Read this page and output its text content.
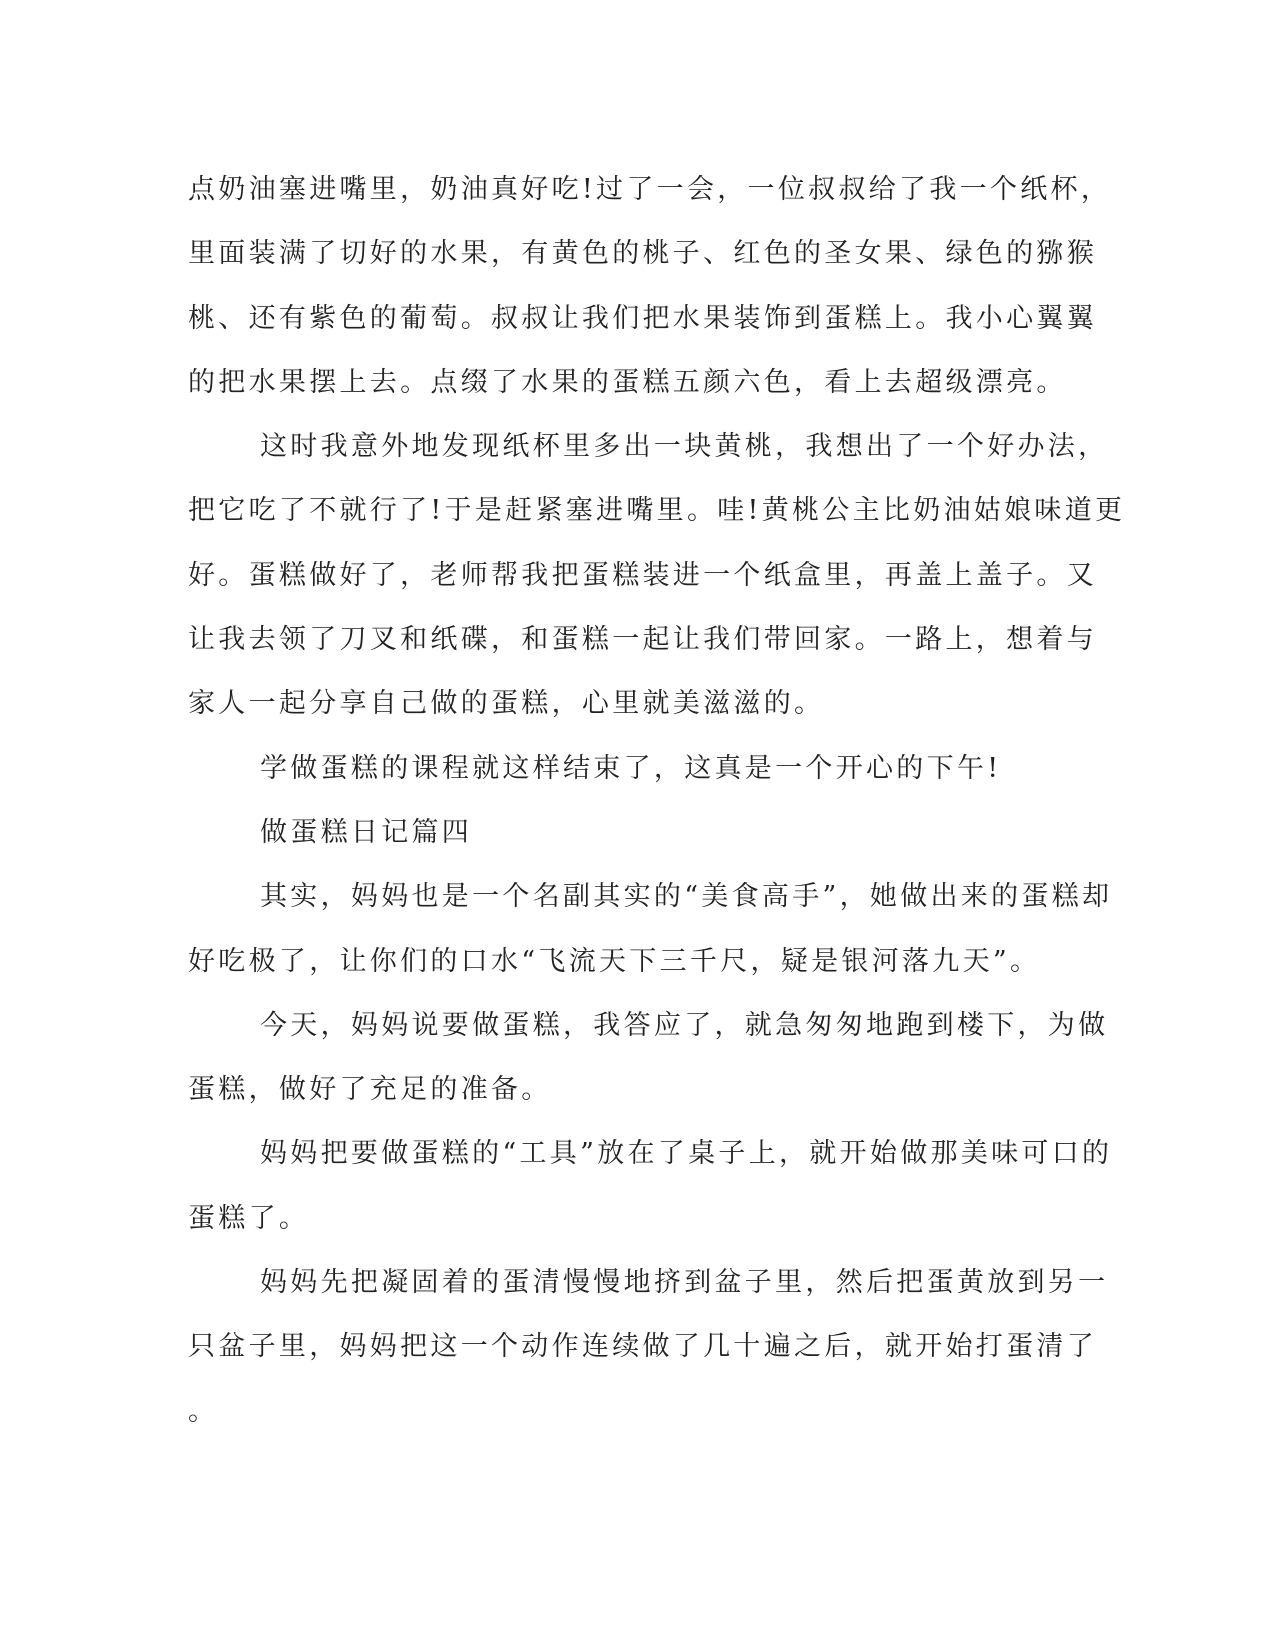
点奶油塞进嘴里，奶油真好吃!过了一会，一位叔叔给了我一个纸杯，
里面装满了切好的水果，有黄色的桃子、红色的圣女果、绿色的猕猴
桃、还有紫色的葡萄。叔叔让我们把水果装饰到蛋糕上。我小心翼翼
的把水果摆上去。点缀了水果的蛋糕五颜六色，看上去超级漂亮。
这时我意外地发现纸杯里多出一块黄桃，我想出了一个好办法，
把它吃了不就行了!于是赶紧塞进嘴里。哇!黄桃公主比奶油姑娘味道更
好。蛋糕做好了，老师帮我把蛋糕装进一个纸盒里，再盖上盖子。又
让我去领了刀叉和纸碟，和蛋糕一起让我们带回家。一路上，想着与
家人一起分享自己做的蛋糕，心里就美滋滋的。
学做蛋糕的课程就这样结束了，这真是一个开心的下午!
做蛋糕日记篇四
其实，妈妈也是一个名副其实的“美食高手”，她做出来的蛋糕却
好吃极了，让你们的口水“飞流天下三千尺，疑是银河落九天”。
今天，妈妈说要做蛋糕，我答应了，就急匆匆地跑到楼下，为做
蛋糕，做好了充足的准备。
妈妈把要做蛋糕的“工具”放在了桌子上，就开始做那美味可口的
蛋糕了。
妈妈先把凝固着的蛋清慢慢地挤到盆子里，然后把蛋黄放到另一
只盆子里，妈妈把这一个动作连续做了几十遍之后，就开始打蛋清了
。
